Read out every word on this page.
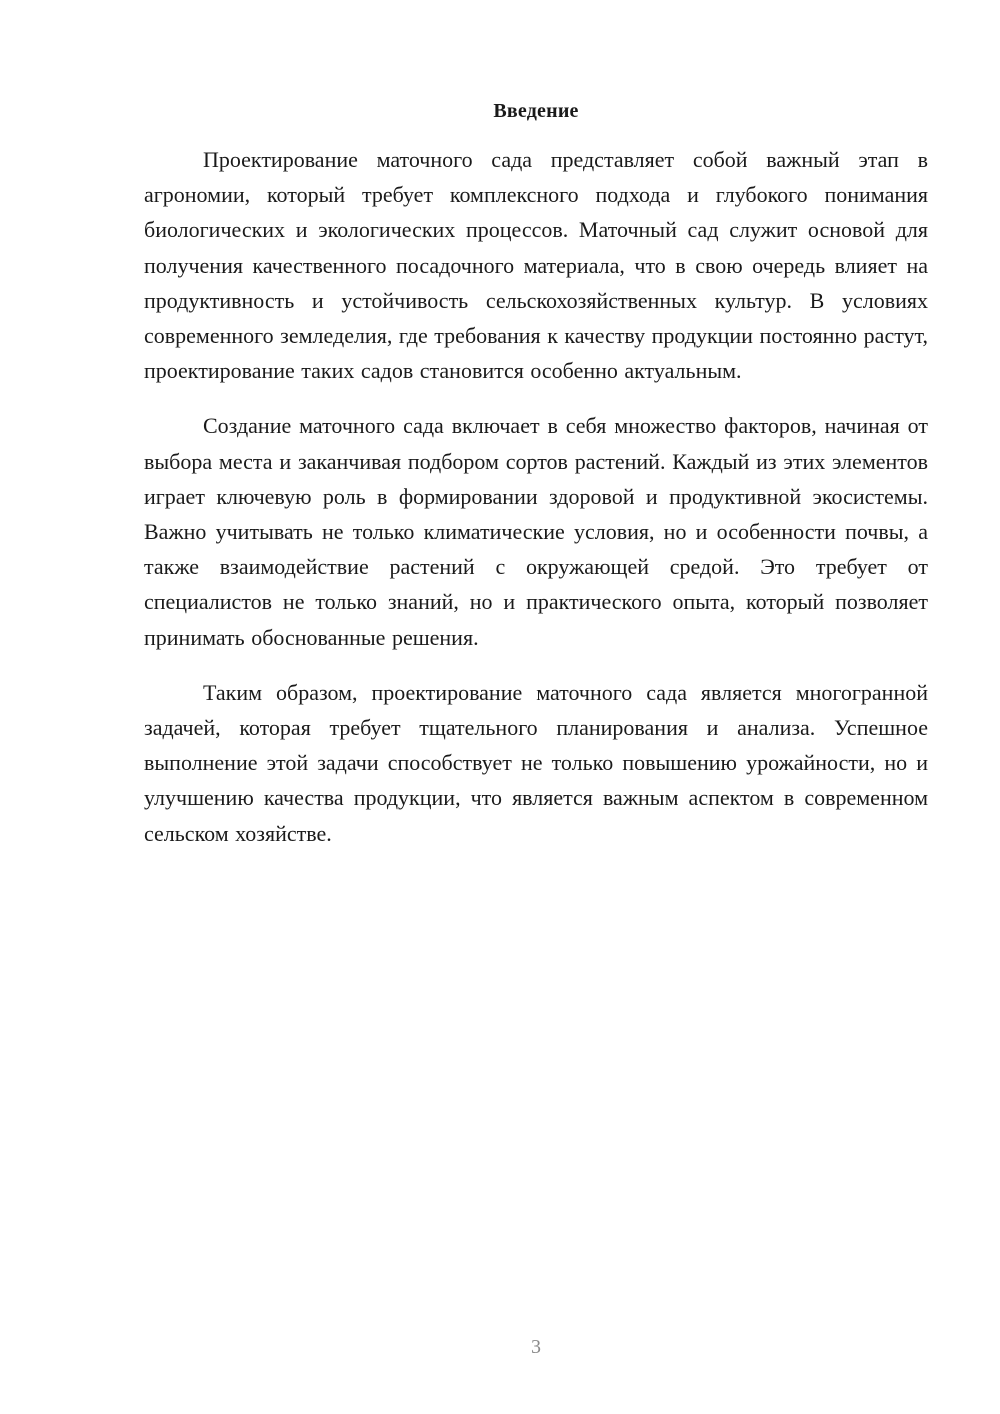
Введение

Проектирование маточного сада представляет собой важный этап в агрономии, который требует комплексного подхода и глубокого понимания биологических и экологических процессов. Маточный сад служит основой для получения качественного посадочного материала, что в свою очередь влияет на продуктивность и устойчивость сельскохозяйственных культур. В условиях современного земледелия, где требования к качеству продукции постоянно растут, проектирование таких садов становится особенно актуальным.

Создание маточного сада включает в себя множество факторов, начиная от выбора места и заканчивая подбором сортов растений. Каждый из этих элементов играет ключевую роль в формировании здоровой и продуктивной экосистемы. Важно учитывать не только климатические условия, но и особенности почвы, а также взаимодействие растений с окружающей средой. Это требует от специалистов не только знаний, но и практического опыта, который позволяет принимать обоснованные решения.

Таким образом, проектирование маточного сада является многогранной задачей, которая требует тщательного планирования и анализа. Успешное выполнение этой задачи способствует не только повышению урожайности, но и улучшению качества продукции, что является важным аспектом в современном сельском хозяйстве.

3
